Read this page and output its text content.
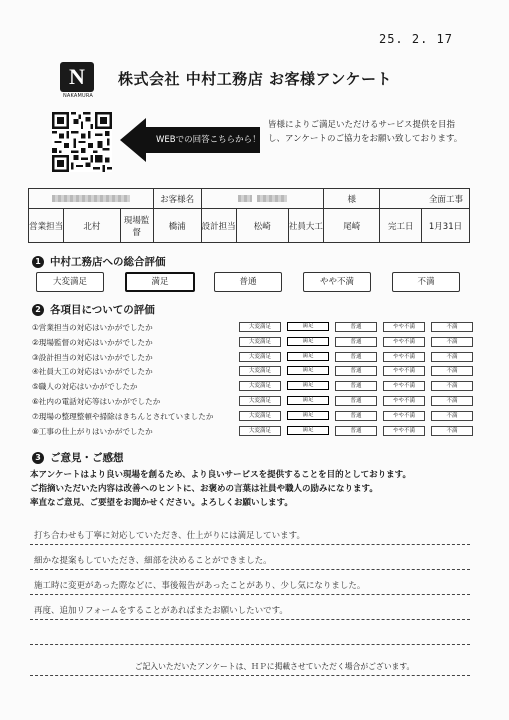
25. 2. 17
N
NAKAMURA
株式会社 中村工務店 お客様アンケート
WEBでの回答こちらから！
皆様によりご満足いただけるサービス提供を目指し、アンケートのご協力をお願い致しております。
			お客様名				様	全面工事	
営業担当	北村	現場監督	橋浦	設計担当	松崎	社員大工	尾崎	完工日	1月31日
1 中村工務店への総合評価
大変満足	満足	普通	やや不満	不満
2 各項目についての評価
①営業担当の対応はいかがでしたか	大変満足	満足	普通	やや不満	不満
②現場監督の対応はいかがでしたか	大変満足	満足	普通	やや不満	不満
③設計担当の対応はいかがでしたか	大変満足	満足	普通	やや不満	不満
④社員大工の対応はいかがでしたか	大変満足	満足	普通	やや不満	不満
⑤職人の対応はいかがでしたか	大変満足	満足	普通	やや不満	不満
⑥社内の電話対応等はいかがでしたか	大変満足	満足	普通	やや不満	不満
⑦現場の整理整頓や掃除はきちんとされていましたか	大変満足	満足	普通	やや不満	不満
⑧工事の仕上がりはいかがでしたか	大変満足	満足	普通	やや不満	不満
3 ご意見・ご感想
本アンケートはより良い現場を創るため、より良いサービスを提供することを目的としております。
ご指摘いただいた内容は改善へのヒントに、お褒めの言葉は社員や職人の励みになります。
率直なご意見、ご要望をお聞かせください。よろしくお願いします。
打ち合わせも丁寧に対応していただき、仕上がりには満足しています。
細かな提案もしていただき、細部を決めることができました。
施工時に変更があった際などに、事後報告があったことがあり、少し気になりました。
再度、追加リフォームをすることがあればまたお願いしたいです。
ご記入いただいたアンケートは、ＨＰに掲載させていただく場合がございます。
